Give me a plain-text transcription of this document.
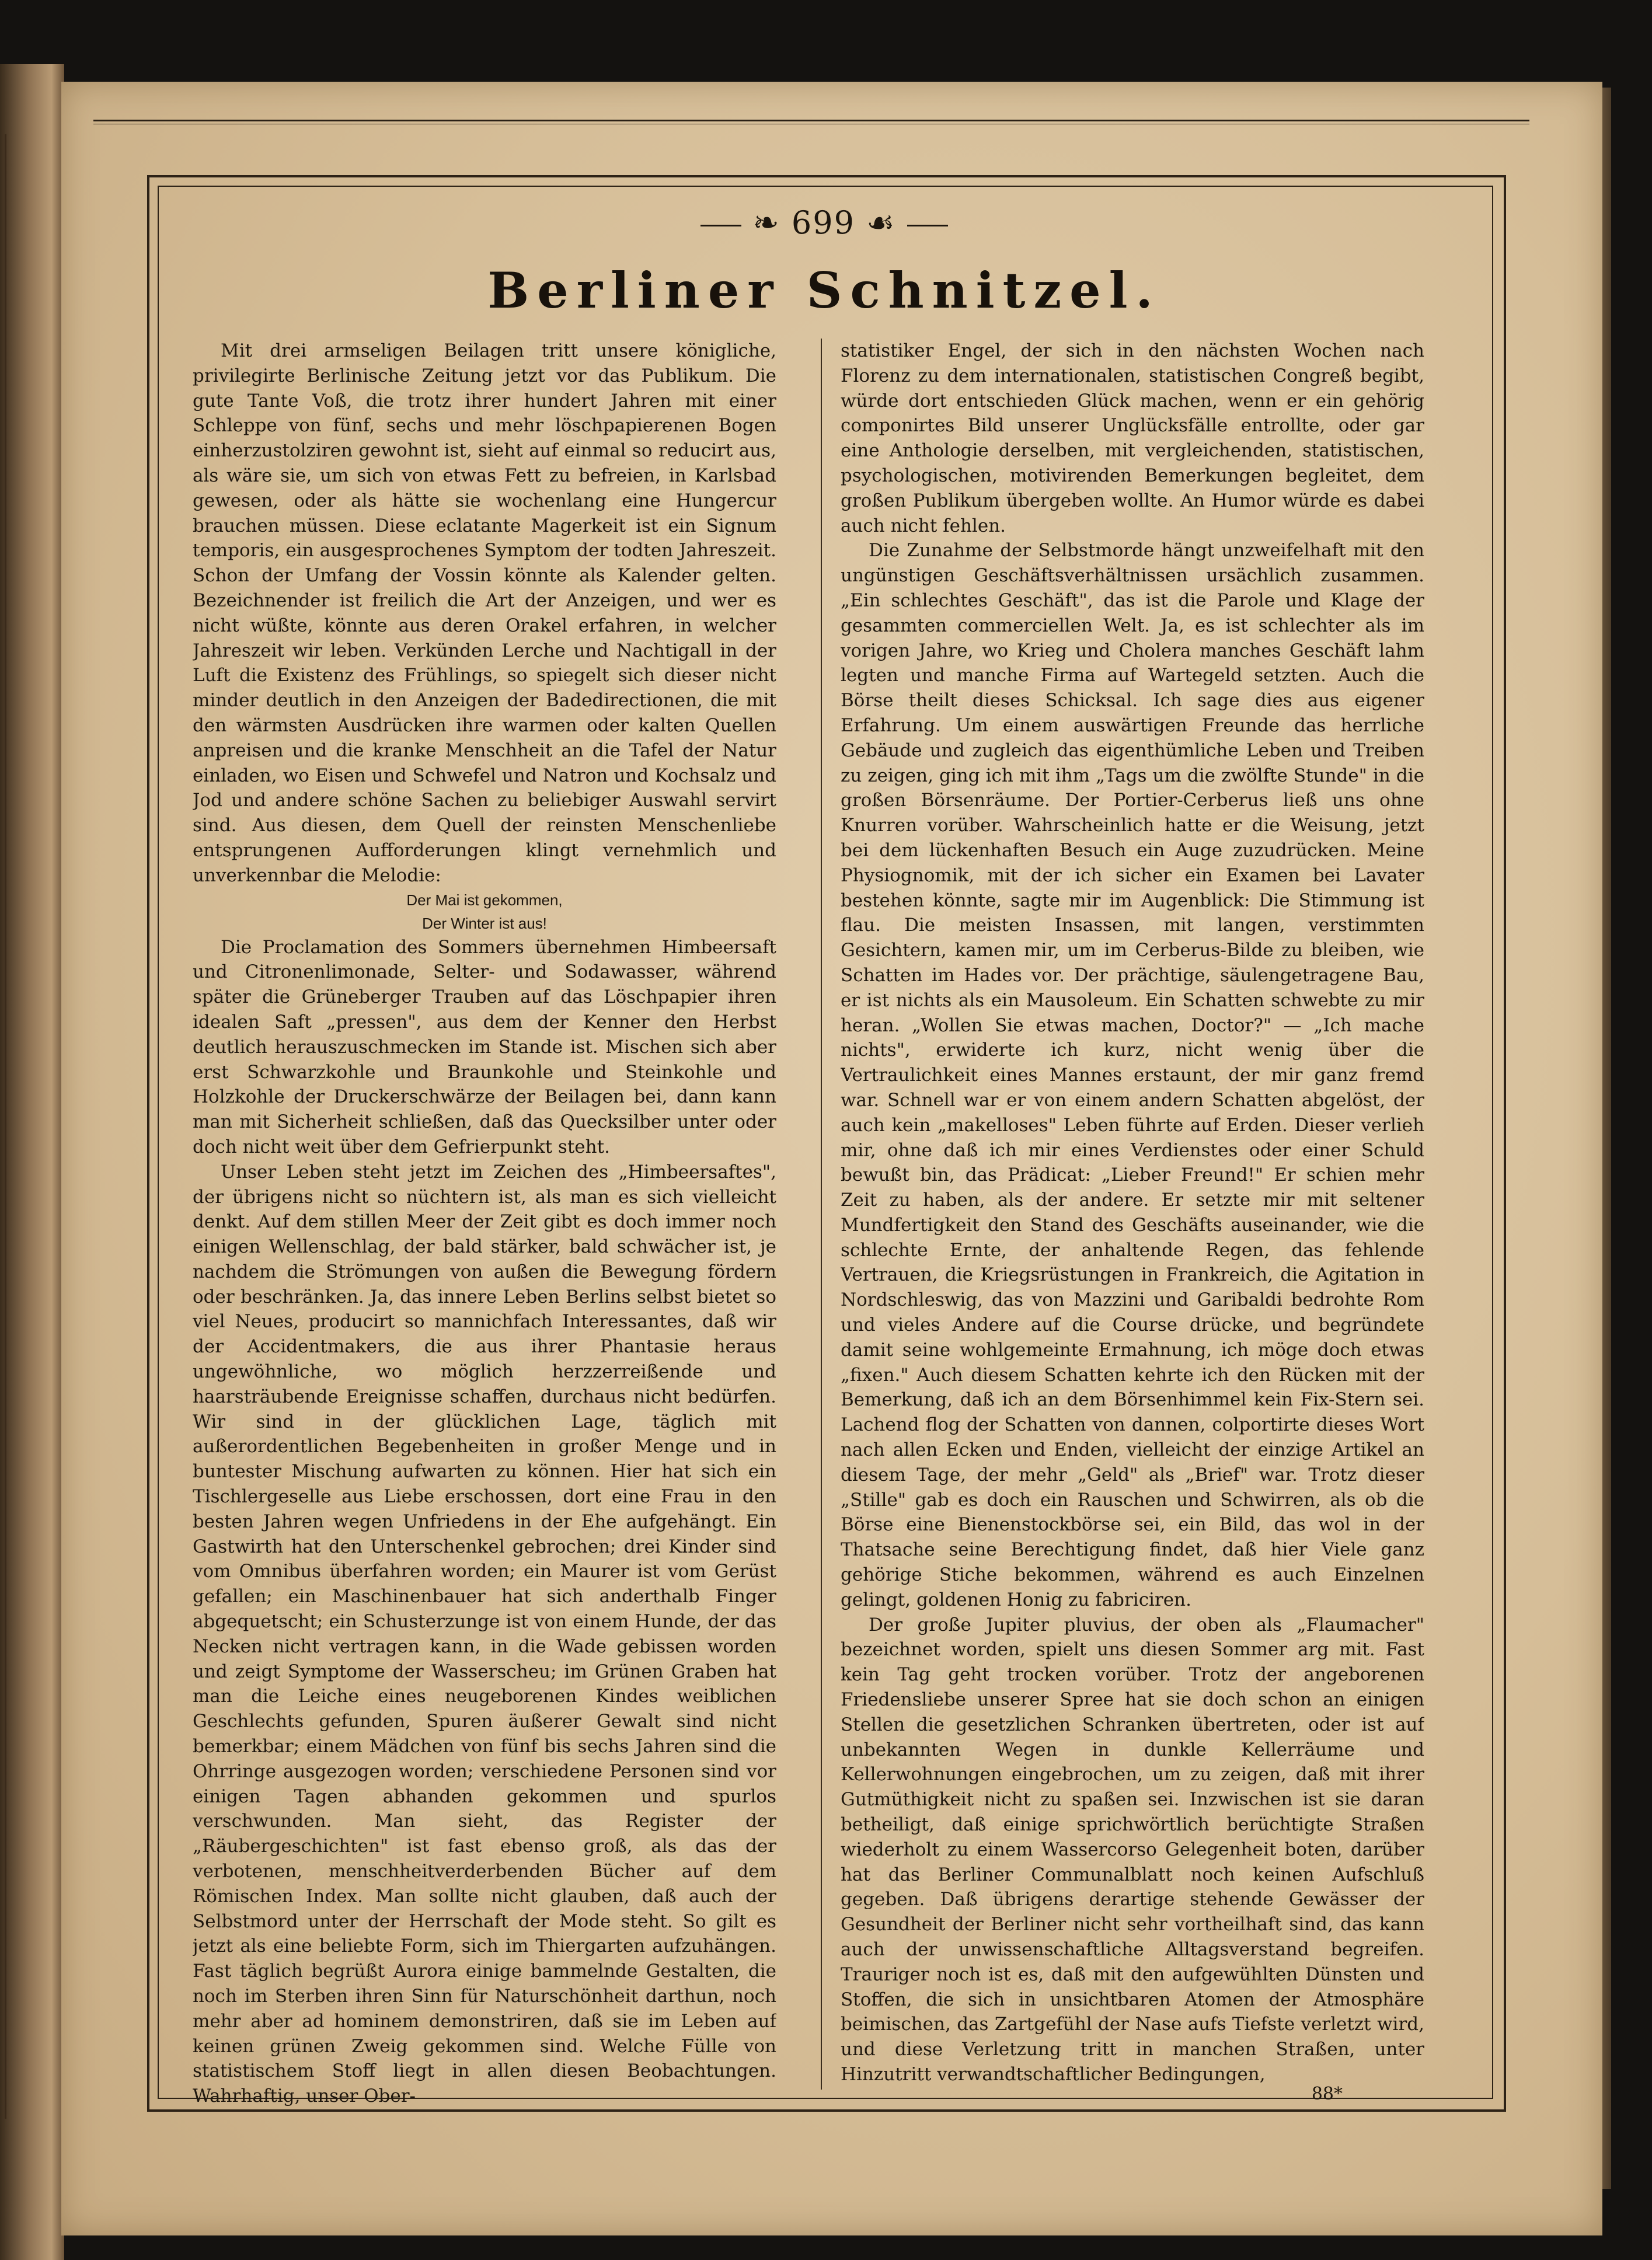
❧ 699 ☙
Berliner Schnitzel.

Mit drei armseligen Beilagen tritt unsere königliche, privilegirte Berlinische Zeitung jetzt vor das Publikum. Die gute Tante Voß, die trotz ihrer hundert Jahren mit einer Schleppe von fünf, sechs und mehr löschpapierenen Bogen einherzustolziren gewohnt ist, sieht auf einmal so reducirt aus, als wäre sie, um sich von etwas Fett zu befreien, in Karlsbad gewesen, oder als hätte sie wochenlang eine Hungercur brauchen müssen. Diese eclatante Magerkeit ist ein Signum temporis, ein ausgesprochenes Symptom der todten Jahreszeit. Schon der Umfang der Vossin könnte als Kalender gelten. Bezeichnender ist freilich die Art der Anzeigen, und wer es nicht wüßte, könnte aus deren Orakel erfahren, in welcher Jahreszeit wir leben. Verkünden Lerche und Nachtigall in der Luft die Existenz des Frühlings, so spiegelt sich dieser nicht minder deutlich in den Anzeigen der Badedirectionen, die mit den wärmsten Ausdrücken ihre warmen oder kalten Quellen anpreisen und die kranke Menschheit an die Tafel der Natur einladen, wo Eisen und Schwefel und Natron und Kochsalz und Jod und andere schöne Sachen zu beliebiger Auswahl servirt sind. Aus diesen, dem Quell der reinsten Menschenliebe entsprungenen Aufforderungen klingt vernehmlich und unverkennbar die Melodie:

Der Mai ist gekommen,
Der Winter ist aus!

Die Proclamation des Sommers übernehmen Himbeersaft und Citronenlimonade, Selter- und Sodawasser, während später die Grüneberger Trauben auf das Löschpapier ihren idealen Saft „pressen", aus dem der Kenner den Herbst deutlich herauszuschmecken im Stande ist. Mischen sich aber erst Schwarzkohle und Braunkohle und Steinkohle und Holzkohle der Druckerschwärze der Beilagen bei, dann kann man mit Sicherheit schließen, daß das Quecksilber unter oder doch nicht weit über dem Gefrierpunkt steht.

Unser Leben steht jetzt im Zeichen des „Himbeersaftes", der übrigens nicht so nüchtern ist, als man es sich vielleicht denkt. Auf dem stillen Meer der Zeit gibt es doch immer noch einigen Wellenschlag, der bald stärker, bald schwächer ist, je nachdem die Strömungen von außen die Bewegung fördern oder beschränken. Ja, das innere Leben Berlins selbst bietet so viel Neues, producirt so mannichfach Interessantes, daß wir der Accidentmakers, die aus ihrer Phantasie heraus ungewöhnliche, wo möglich herzzerreißende und haarsträubende Ereignisse schaffen, durchaus nicht bedürfen. Wir sind in der glücklichen Lage, täglich mit außerordentlichen Begebenheiten in großer Menge und in buntester Mischung aufwarten zu können. Hier hat sich ein Tischlergeselle aus Liebe erschossen, dort eine Frau in den besten Jahren wegen Unfriedens in der Ehe aufgehängt. Ein Gastwirth hat den Unterschenkel gebrochen; drei Kinder sind vom Omnibus überfahren worden; ein Maurer ist vom Gerüst gefallen; ein Maschinenbauer hat sich anderthalb Finger abgequetscht; ein Schusterzunge ist von einem Hunde, der das Necken nicht vertragen kann, in die Wade gebissen worden und zeigt Symptome der Wasserscheu; im Grünen Graben hat man die Leiche eines neugeborenen Kindes weiblichen Geschlechts gefunden, Spuren äußerer Gewalt sind nicht bemerkbar; einem Mädchen von fünf bis sechs Jahren sind die Ohrringe ausgezogen worden; verschiedene Personen sind vor einigen Tagen abhanden gekommen und spurlos verschwunden. Man sieht, das Register der „Räubergeschichten" ist fast ebenso groß, als das der verbotenen, menschheitverderbenden Bücher auf dem Römischen Index. Man sollte nicht glauben, daß auch der Selbstmord unter der Herrschaft der Mode steht. So gilt es jetzt als eine beliebte Form, sich im Thiergarten aufzuhängen. Fast täglich begrüßt Aurora einige bammelnde Gestalten, die noch im Sterben ihren Sinn für Naturschönheit darthun, noch mehr aber ad hominem demonstriren, daß sie im Leben auf keinen grünen Zweig gekommen sind. Welche Fülle von statistischem Stoff liegt in allen diesen Beobachtungen. Wahrhaftig, unser Ober-

statistiker Engel, der sich in den nächsten Wochen nach Florenz zu dem internationalen, statistischen Congreß begibt, würde dort entschieden Glück machen, wenn er ein gehörig componirtes Bild unserer Unglücksfälle entrollte, oder gar eine Anthologie derselben, mit vergleichenden, statistischen, psychologischen, motivirenden Bemerkungen begleitet, dem großen Publikum übergeben wollte. An Humor würde es dabei auch nicht fehlen.

Die Zunahme der Selbstmorde hängt unzweifelhaft mit den ungünstigen Geschäftsverhältnissen ursächlich zusammen. „Ein schlechtes Geschäft", das ist die Parole und Klage der gesammten commerciellen Welt. Ja, es ist schlechter als im vorigen Jahre, wo Krieg und Cholera manches Geschäft lahm legten und manche Firma auf Wartegeld setzten. Auch die Börse theilt dieses Schicksal. Ich sage dies aus eigener Erfahrung. Um einem auswärtigen Freunde das herrliche Gebäude und zugleich das eigenthümliche Leben und Treiben zu zeigen, ging ich mit ihm „Tags um die zwölfte Stunde" in die großen Börsenräume. Der Portier-Cerberus ließ uns ohne Knurren vorüber. Wahrscheinlich hatte er die Weisung, jetzt bei dem lückenhaften Besuch ein Auge zuzudrücken. Meine Physiognomik, mit der ich sicher ein Examen bei Lavater bestehen könnte, sagte mir im Augenblick: Die Stimmung ist flau. Die meisten Insassen, mit langen, verstimmten Gesichtern, kamen mir, um im Cerberus-Bilde zu bleiben, wie Schatten im Hades vor. Der prächtige, säulengetragene Bau, er ist nichts als ein Mausoleum. Ein Schatten schwebte zu mir heran. „Wollen Sie etwas machen, Doctor?" — „Ich mache nichts", erwiderte ich kurz, nicht wenig über die Vertraulichkeit eines Mannes erstaunt, der mir ganz fremd war. Schnell war er von einem andern Schatten abgelöst, der auch kein „makelloses" Leben führte auf Erden. Dieser verlieh mir, ohne daß ich mir eines Verdienstes oder einer Schuld bewußt bin, das Prädicat: „Lieber Freund!" Er schien mehr Zeit zu haben, als der andere. Er setzte mir mit seltener Mundfertigkeit den Stand des Geschäfts auseinander, wie die schlechte Ernte, der anhaltende Regen, das fehlende Vertrauen, die Kriegsrüstungen in Frankreich, die Agitation in Nordschleswig, das von Mazzini und Garibaldi bedrohte Rom und vieles Andere auf die Course drücke, und begründete damit seine wohlgemeinte Ermahnung, ich möge doch etwas „fixen." Auch diesem Schatten kehrte ich den Rücken mit der Bemerkung, daß ich an dem Börsenhimmel kein Fix-Stern sei. Lachend flog der Schatten von dannen, colportirte dieses Wort nach allen Ecken und Enden, vielleicht der einzige Artikel an diesem Tage, der mehr „Geld" als „Brief" war. Trotz dieser „Stille" gab es doch ein Rauschen und Schwirren, als ob die Börse eine Bienenstockbörse sei, ein Bild, das wol in der Thatsache seine Berechtigung findet, daß hier Viele ganz gehörige Stiche bekommen, während es auch Einzelnen gelingt, goldenen Honig zu fabriciren.

Der große Jupiter pluvius, der oben als „Flaumacher" bezeichnet worden, spielt uns diesen Sommer arg mit. Fast kein Tag geht trocken vorüber. Trotz der angeborenen Friedensliebe unserer Spree hat sie doch schon an einigen Stellen die gesetzlichen Schranken übertreten, oder ist auf unbekannten Wegen in dunkle Kellerräume und Kellerwohnungen eingebrochen, um zu zeigen, daß mit ihrer Gutmüthigkeit nicht zu spaßen sei. Inzwischen ist sie daran betheiligt, daß einige sprichwörtlich berüchtigte Straßen wiederholt zu einem Wassercorso Gelegenheit boten, darüber hat das Berliner Communalblatt noch keinen Aufschluß gegeben. Daß übrigens derartige stehende Gewässer der Gesundheit der Berliner nicht sehr vortheilhaft sind, das kann auch der unwissenschaftliche Alltagsverstand begreifen. Trauriger noch ist es, daß mit den aufgewühlten Dünsten und Stoffen, die sich in unsichtbaren Atomen der Atmosphäre beimischen, das Zartgefühl der Nase aufs Tiefste verletzt wird, und diese Verletzung tritt in manchen Straßen, unter Hinzutritt verwandtschaftlicher Bedingungen,

88*
